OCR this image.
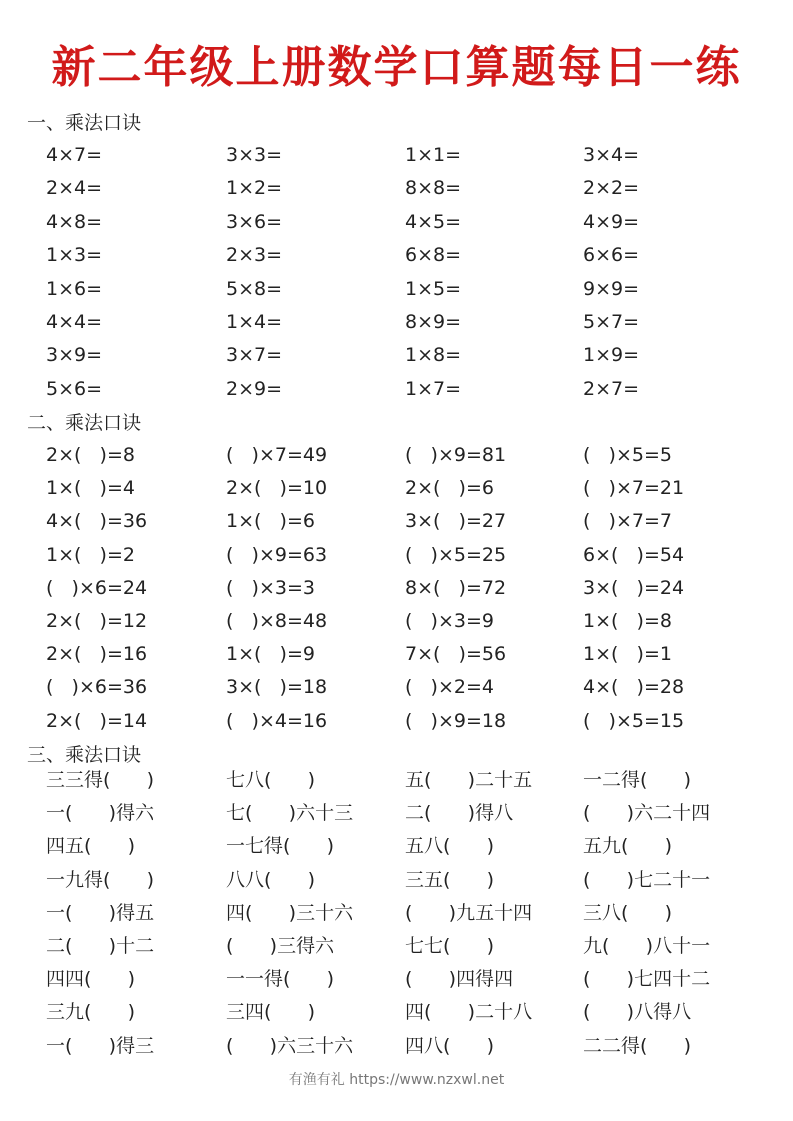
新二年级上册数学口算题每日一练
一、乘法口诀
4×7=	3×3=	1×1=	3×4=
2×4=	1×2=	8×8=	2×2=
4×8=	3×6=	4×5=	4×9=
1×3=	2×3=	6×8=	6×6=
1×6=	5×8=	1×5=	9×9=
4×4=	1×4=	8×9=	5×7=
3×9=	3×7=	1×8=	1×9=
5×6=	2×9=	1×7=	2×7=
二、乘法口诀
2×(   )=8	(   )×7=49	(   )×9=81	(   )×5=5
1×(   )=4	2×(   )=10	2×(   )=6	(   )×7=21
4×(   )=36	1×(   )=6	3×(   )=27	(   )×7=7
1×(   )=2	(   )×9=63	(   )×5=25	6×(   )=54
(   )×6=24	(   )×3=3	8×(   )=72	3×(   )=24
2×(   )=12	(   )×8=48	(   )×3=9	1×(   )=8
2×(   )=16	1×(   )=9	7×(   )=56	1×(   )=1
(   )×6=36	3×(   )=18	(   )×2=4	4×(   )=28
2×(   )=14	(   )×4=16	(   )×9=18	(   )×5=15
三、乘法口诀
三三得(      )	七八(      )	五(      )二十五	一二得(      )
一(      )得六	七(      )六十三	二(      )得八	(      )六二十四
四五(      )	一七得(      )	五八(      )	五九(      )
一九得(      )	八八(      )	三五(      )	(      )七二十一
一(      )得五	四(      )三十六	(      )九五十四	三八(      )
二(      )十二	(      )三得六	七七(      )	九(      )八十一
四四(      )	一一得(      )	(      )四得四	(      )七四十二
三九(      )	三四(      )	四(      )二十八	(      )八得八
一(      )得三	(      )六三十六	四八(      )	二二得(      )
有渔有礼 https://www.nzxwl.net
